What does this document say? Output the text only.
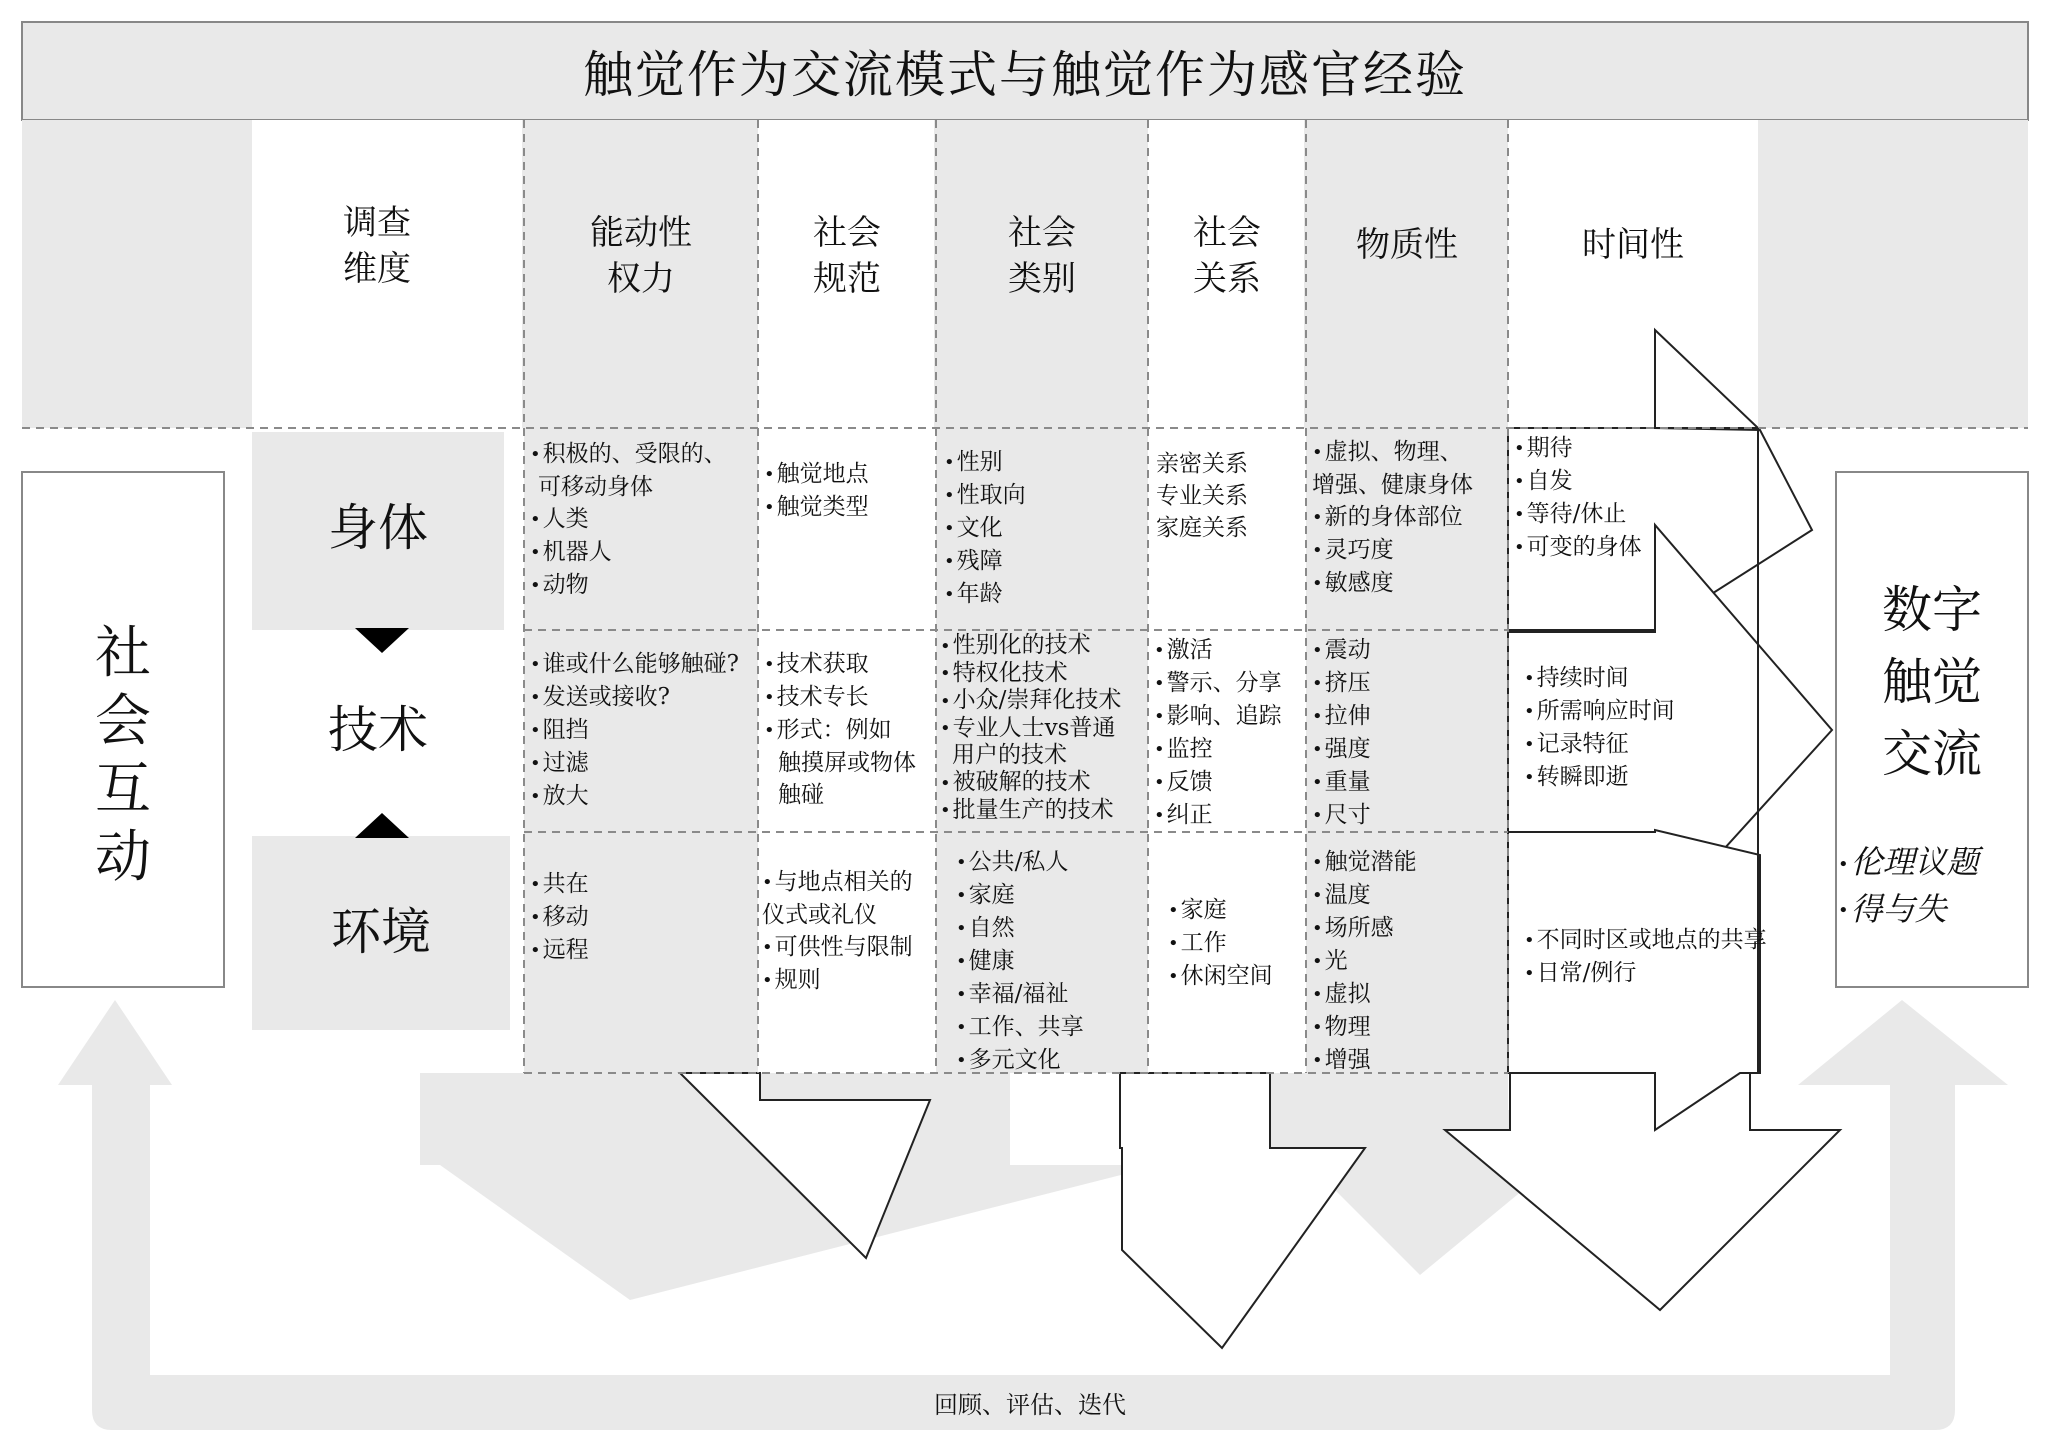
触觉作为交流模式与触觉作为感官经验
调查
维度
能动性
权力
社会
规范
社会
类别
社会
关系
物质性	时间性
身体
技术
环境
•积极的、受限的、
可移动身体
•人类
•机器人
•动物
•触觉地点
•触觉类型
•性别
•性取向
•文化
•残障
•年龄
亲密关系
专业关系
家庭关系
•虚拟、物理、
增强、健康身体
•新的身体部位
•灵巧度
•敏感度
•期待
•自发
•等待/休止
•可变的身体
•谁或什么能够触碰?
•发送或接收?
•阻挡
•过滤
•放大
•技术获取
•技术专长
•形式：例如
触摸屏或物体
触碰
•性别化的技术
•特权化技术
•小众/崇拜化技术
•专业人士vs普通
用户的技术
•被破解的技术
•批量生产的技术
•激活
•警示、分享
•影响、追踪
•监控
•反馈
•纠正
•震动
•挤压
•拉伸
•强度
•重量
•尺寸
•持续时间
•所需响应时间
•记录特征
•转瞬即逝
•共在
•移动
•远程
•与地点相关的
仪式或礼仪
•可供性与限制
•规则
•公共/私人
•家庭
•自然
•健康
•幸福/福祉
•工作、共享
•多元文化
•家庭
•工作
•休闲空间
•触觉潜能
•温度
•场所感
•光
•虚拟
•物理
•增强
•不同时区或地点的共享
•日常/例行
社
会
互
动
数字
触觉
交流
•伦理议题
•得与失
回顾、评估、迭代
